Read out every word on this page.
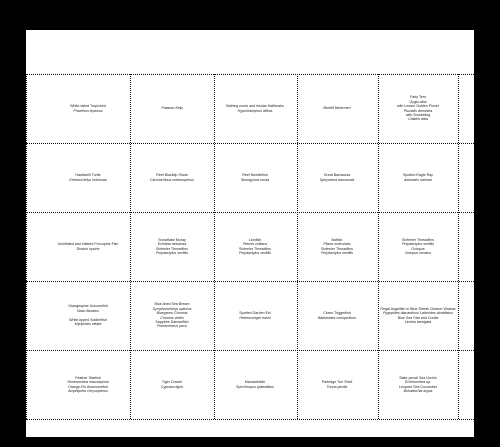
White-tailed Tropicbird
Phaethon lepturus
Palaean Kelp
Bathing monk and insular Halfbeaks
Hyporhamphus affinis
Bicellif fishermen
Fairy Tern
Gygis alba
with Lesser Golden Plover
Pluvialis dominica
with Snorkeling
Calidris alba
Hawksbill Turtle
Eretmochelys imbricata
Reef Blacktip Shark
Carcharhinus melanopterus
Reef Needlefish
Strongylura incisa
Great Barracuda
Sphyraena barracuda
Spotted Eagle Ray
Aetobatis narinari
Uninflated and inflated Porcupine Fish
Diodon hystrix
Snowflake Moray
Echidna nebulosa
Sixfeeler Threadfins
Polydactylus sexfilis
Lionfish
Pterois volitans
Sixfeeler Threadfins
Polydactylus sexfilis
Batfish
Platax orbicularis
Sixfeeler Threadfins
Polydactylus sexfilis
Sixfeeler Threadfins
Polydactylus sexfilis
Octopus
Octopus ornatus
Orangespine Unicornfish
Naso lituratus
White-lipped Soldierfish
Myripristis vittata
Blue-lined Sea Bream
Symphorichthys spilurus
Bluegreen Chromis
Chromis viridis
Sapphire Damselfish
Pomacentrus pavo
Spotted Garden Eel
Heteroconger hassi
Clown Triggerfish
Balistoides conspicillum
Regal Angelfish in Blue-Streak Cleaner Wrasse
Pygoplites diacanthus/ Labroides dimidiatus
Blue Sea Star and Corals
Linckia laevigata
Feather Starfish
Himerometra robustipinna
Orange-Fin Anemonefish
Amphiprion chrysopterus
Tiger Cowrie
Cypraea tigris
Mandarinfish
Synchiropus splendidus
Partridge Tun Shell
Tonna perdix
Slate-pencil Sea Urchin
Echinometra sp.
Leopard Sea Cucumber
Bohadschia argus
